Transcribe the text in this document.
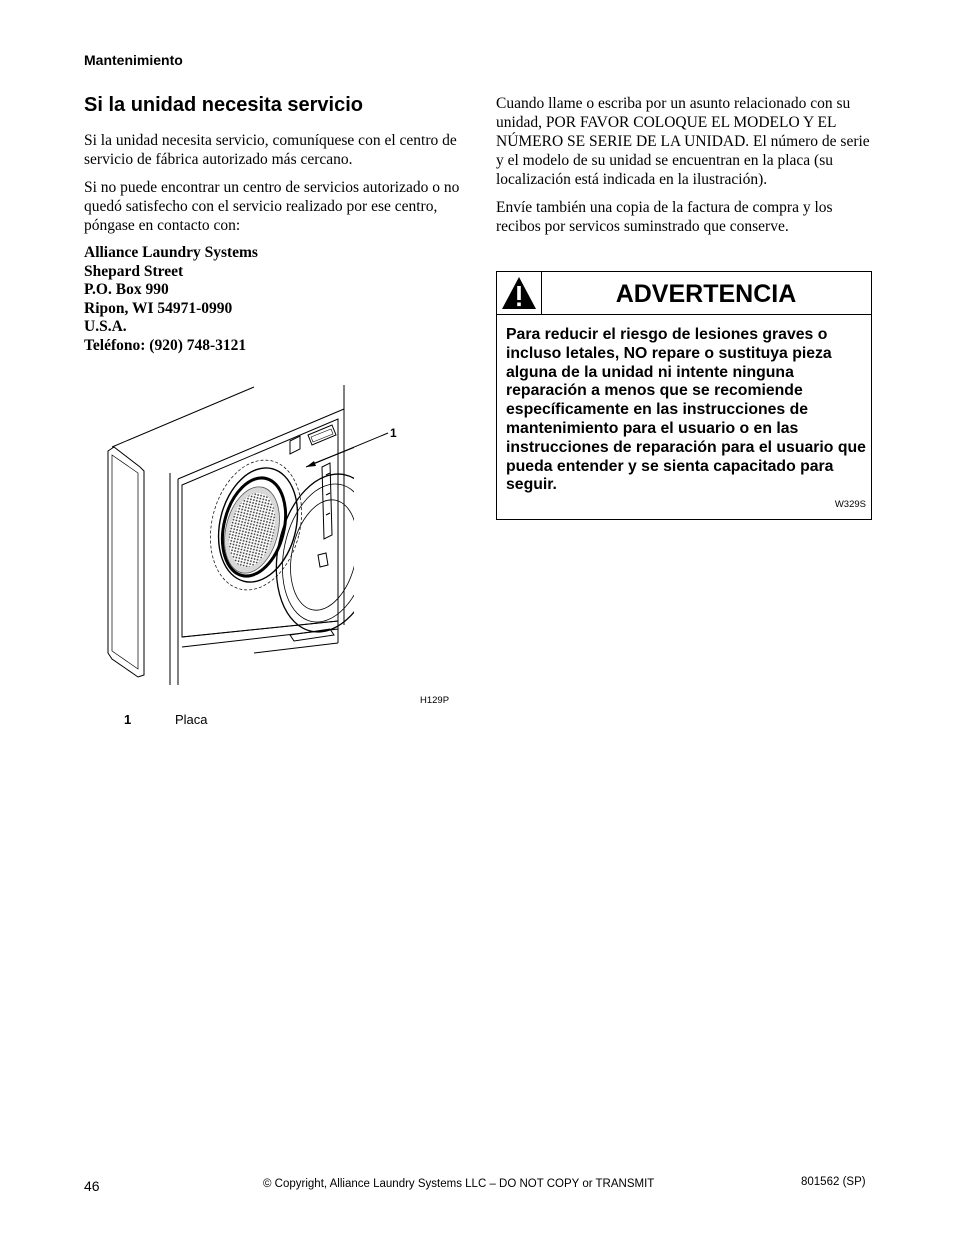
Mantenimiento
Si la unidad necesita servicio

Si la unidad necesita servicio, comuníquese con el centro de servicio de fábrica autorizado más cercano.

Si no puede encontrar un centro de servicios autorizado o no quedó satisfecho con el servicio realizado por ese centro, póngase en contacto con:

Alliance Laundry Systems
Shepard Street
P.O. Box 990
Ripon, WI 54971-0990
U.S.A.
Teléfono: (920) 748-3121
1
H129P
1	Placa

Cuando llame o escriba por un asunto relacionado con su unidad, POR FAVOR COLOQUE EL MODELO Y EL NÚMERO SE SERIE DE LA UNIDAD. El número de serie y el modelo de su unidad se encuentran en la placa (su localización está indicada en la ilustración).

Envíe también una copia de la factura de compra y los recibos por servicos suminstrado que conserve.

ADVERTENCIA
Para reducir el riesgo de lesiones graves o incluso letales, NO repare o sustituya pieza alguna de la unidad ni intente ninguna reparación a menos que se recomiende específicamente en las instrucciones de mantenimiento para el usuario o en las instrucciones de reparación para el usuario que pueda entender y se sienta capacitado para seguir.
W329S
46	© Copyright, Alliance Laundry Systems LLC – DO NOT COPY or TRANSMIT	801562 (SP)
